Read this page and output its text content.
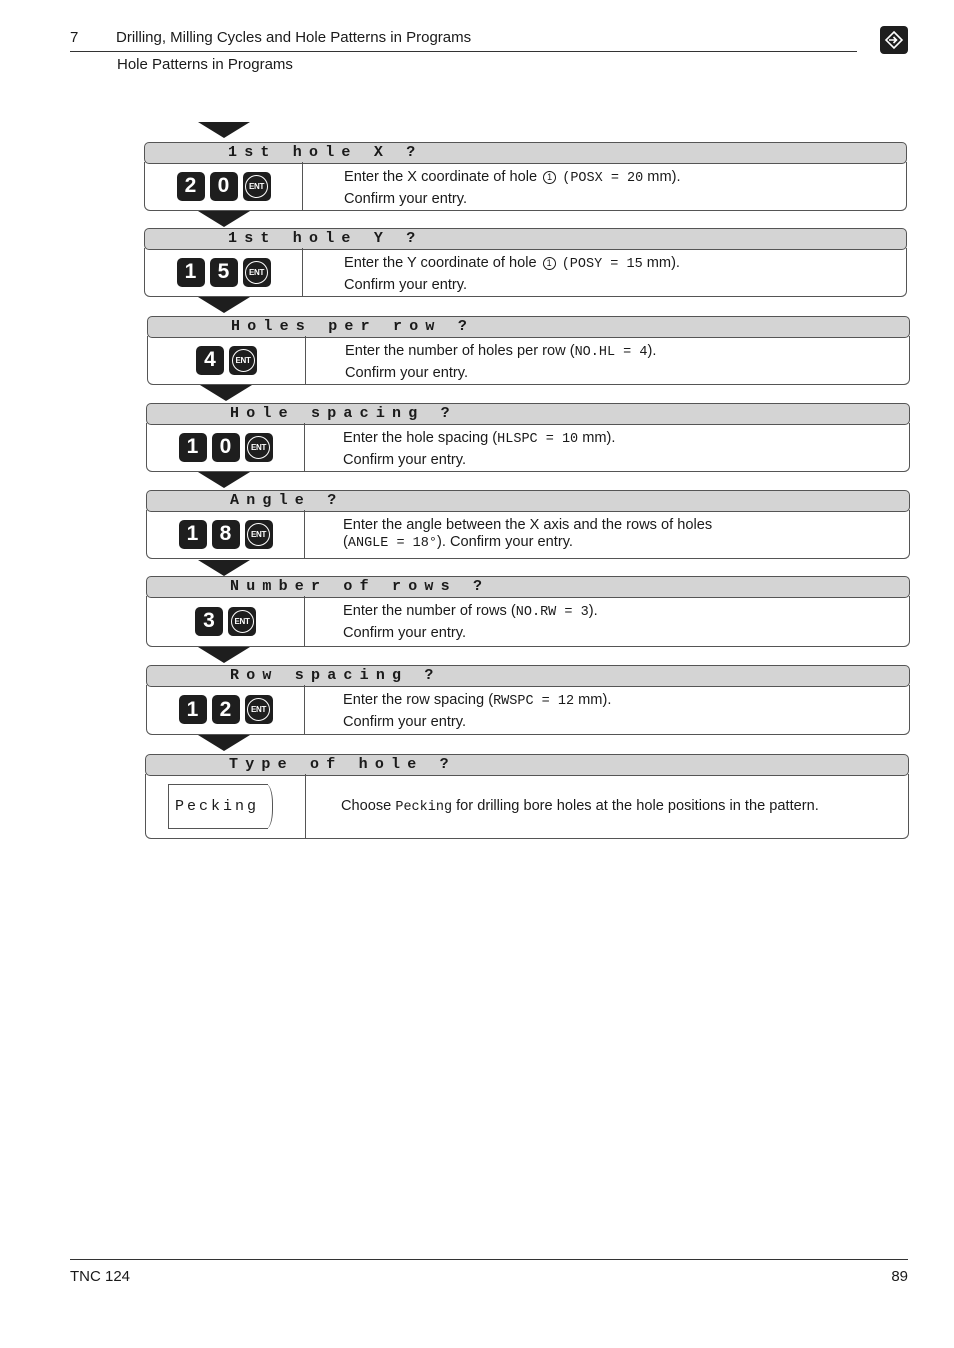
7	Drilling, Milling Cycles and Hole Patterns in Programs
Hole Patterns in Programs
1st hole X ?
2	0	ENT
Enter the X coordinate of hole 1 (POSX = 20 mm).
Confirm your entry.
1st hole Y ?
1	5	ENT
Enter the Y coordinate of hole 1 (POSY = 15 mm).
Confirm your entry.
Holes per row ?
4	ENT
Enter the number of holes per row (NO.HL = 4).
Confirm your entry.
Hole spacing ?
1	0	ENT
Enter the hole spacing (HLSPC = 10 mm).
Confirm your entry.
Angle ?
1	8	ENT
Enter the angle between the X axis and the rows of holes
(ANGLE = 18°). Confirm your entry.
Number of rows ?
3	ENT
Enter the number of rows (NO.RW = 3).
Confirm your entry.
Row spacing ?
1	2	ENT
Enter the row spacing (RWSPC = 12 mm).
Confirm your entry.
Type of hole ?
Pecking	Choose Pecking for drilling bore holes at the hole positions in the pattern.
TNC 124	89
